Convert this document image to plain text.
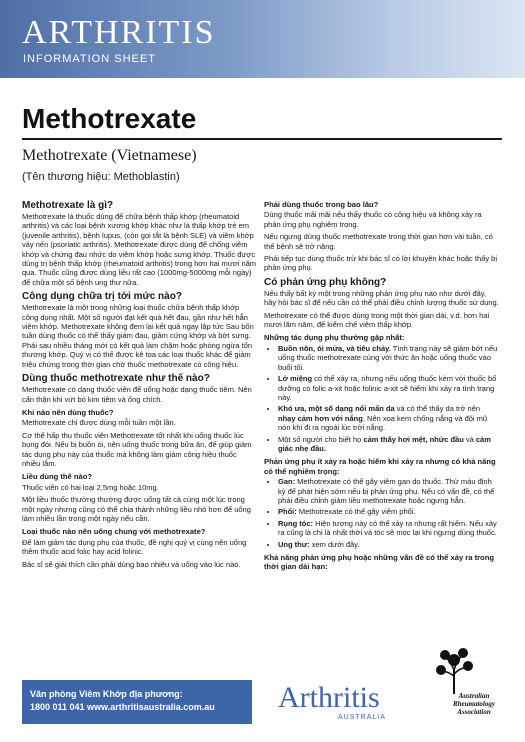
ARTHRITIS
INFORMATION SHEET
Methotrexate
Methotrexate (Vietnamese)
(Tên thương hiệu: Methoblastin)
Methotrexate là gì?

Methotrexate là thuốc dùng để chữa bệnh thấp khớp (rheumatoid arthritis) và các loại bệnh xương khớp khác như là thấp khớp trẻ em (juvenile arthritis), bệnh lupus, (còn gọi tắt là bệnh SLE) và viêm khớp vảy nến (psoriatic arthritis). Methotrexate được dùng để chống viêm khớp và chứng đau nhức do viêm khớp hoặc sưng khớp. Thuốc được dùng trị bệnh thấp khớp (rheumatoid arthritis) trong hơn hai mươi năm qua. Thuốc cũng được dùng liều rất cao (1000mg-5000mg mỗi ngày) để chữa một số bệnh ung thư nữa.

Công dụng chữa trị tới mức nào?

Methotrexate là một trong những loại thuốc chữa bệnh thấp khớp công dụng nhất. Một số người đạt kết quả hết đau, gần như hết hẳn viêm khớp. Methotrexate không đem lại kết quả ngay lập tức Sau bốn tuần dùng thuốc có thể thấy giảm đau, giảm cứng khớp và bớt sưng. Phải sau nhiều tháng mới có kết quả làm chậm hoặc phòng ngừa tổn thương khớp. Quý vị có thể được kê toa các loại thuốc khác để giảm triệu chứng trong thời gian chờ thuốc methotrexate có công hiệu.

Dùng thuốc methotrexate như thế nào?

Methotrexate có dạng thuốc viên để uống hoặc dạng thuốc tiêm. Nên cẩn thận khi vứt bỏ kim tiêm và ống chích.

Khi nào nên dùng thuốc?

Methotrexate chỉ được dùng mỗi tuần một lần.

Cơ thể hấp thu thuốc viên Methotrexate tốt nhất khi uống thuốc lúc bụng đói. Nếu bị buồn ói, nên uống thuốc trong bữa ăn, để giúp giảm tác dụng phụ này của thuốc mà không làm giảm công hiệu thuốc nhiều lắm.

Liều dùng thế nào?

Thuốc viên có hai loại 2,5mg hoặc 10mg.

Một liều thuốc thường thường được uống tất cả cùng một lúc trong một ngày nhưng cũng có thể chia thành những liều nhỏ hơn để uống làm nhiều lần trong một ngày nếu cần.

Loại thuốc nào nên uống chung với methotrexate?

Để làm giảm tác dụng phụ của thuốc, đề nghị quý vị cùng nên uống thêm thuốc acid folic hay acid folinic.

Bác sĩ sẽ giải thích cần phải dùng bao nhiêu và uống vào lúc nào.

Phải dùng thuốc trong bao lâu?

Dùng thuốc mãi mãi nếu thấy thuốc có công hiệu và không xảy ra phản ứng phụ nghiêm trọng.

Nếu ngưng dùng thuốc methotrexate trong thời gian hơn vài tuần, có thể bệnh sẽ trở nặng.

Phải tiếp tục dùng thuốc trừ khi bác sĩ có lời khuyên khác hoặc thấy bị phản ứng phụ.

Có phản ứng phụ không?

Nếu thấy bất kỳ một trong những phản ứng phụ nào như dưới đây, hãy hỏi bác sĩ để nếu cần có thể phải điều chỉnh lượng thuốc sử dụng.

Methotrexate có thể được dùng trong một thời gian dài, v.d. hơn hai mươi lăm năm, để kiểm chế viêm thấp khớp.

Những tác dụng phụ thường gặp nhất:
• Buồn nôn, ói mửa, và tiêu chảy. Tình trạng này sẽ giảm bớt nếu uống thuốc methotrexate cùng với thức ăn hoặc uống thuốc vào buổi tối.
• Lở miệng có thể xảy ra, nhưng nếu uống thuốc kèm với thuốc bổ dưỡng có folic a-xit hoặc folinic a-xit sẽ hiếm khi xảy ra tình trạng này.
• Khó ưa, một số dạng nổi mẩn da và có thể thấy da trở nên nhạy cảm hơn với nắng. Nên xoa kem chống nắng và đội mũ nón khi đi ra ngoài lúc trời nắng.
• Một số người cho biết họ cảm thấy hơi mệt, nhức đầu và cảm giác nhẹ đầu.
Phản ứng phụ ít xảy ra hoặc hiếm khi xảy ra nhưng có khả năng có thể nghiêm trọng:
• Gan: Methotrexate có thể gây viêm gan do thuốc. Thử máu định kỳ để phát hiện sớm nếu bị phản ứng phụ. Nếu có vấn đề, có thể phải điều chỉnh giảm liều methotrexate hoặc ngưng hẳn.
• Phổi: Methotrexate có thể gây viêm phổi.
• Rụng tóc: Hiện tượng này có thể xảy ra nhưng rất hiếm. Nếu xảy ra cũng là chỉ là nhất thời và tóc sẽ mọc lại khi ngưng dùng thuốc.
• Ung thư: xem dưới đây.
Khả năng phản ứng phụ hoặc những vấn đề có thể xảy ra trong thời gian dài hạn:
Văn phòng Viêm Khớp địa phương:
1800 011 041 www.arthritisaustralia.com.au	Arthritis
AUSTRALIA
Australian
Rheumatology
Association
